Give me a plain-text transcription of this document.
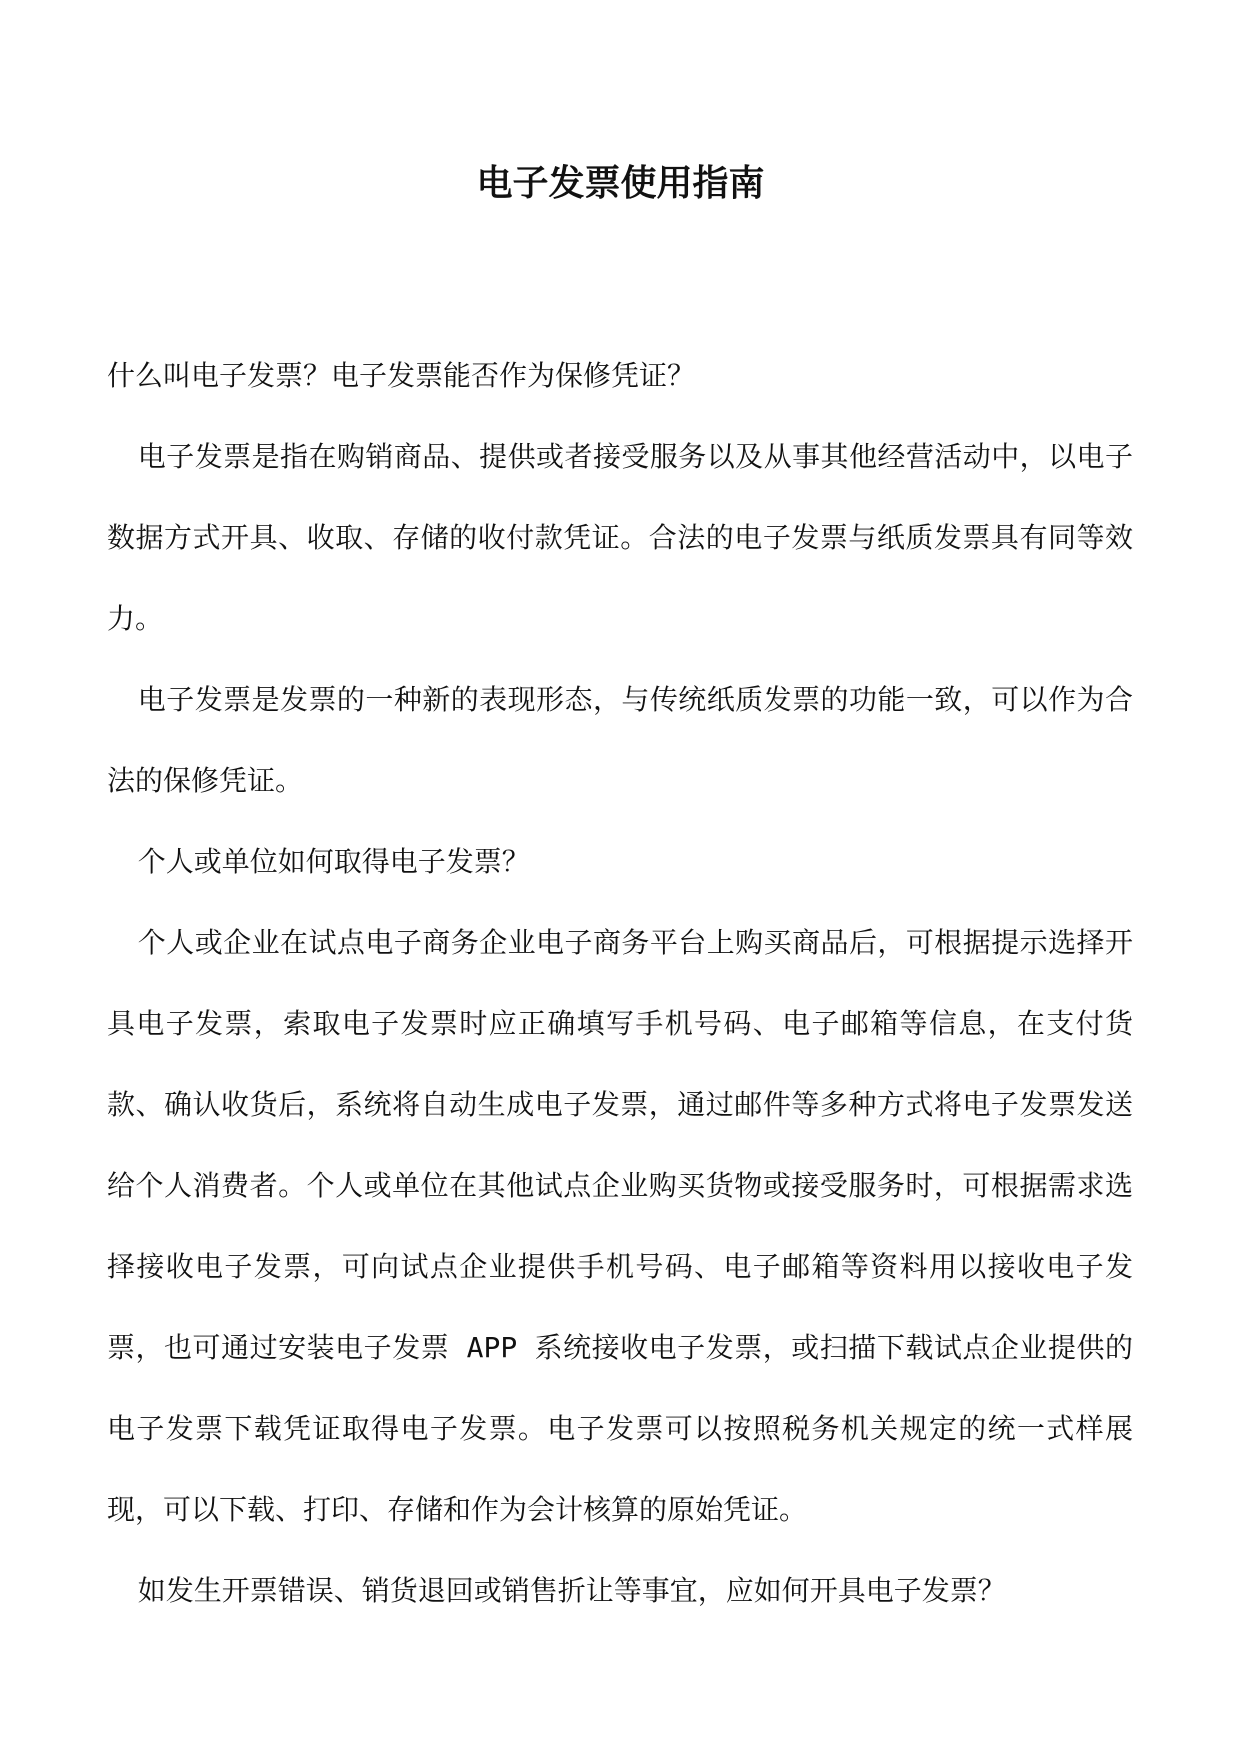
电子发票使用指南

什么叫电子发票？电子发票能否作为保修凭证？

电子发票是指在购销商品、提供或者接受服务以及从事其他经营活动中，以电子数据方式开具、收取、存储的收付款凭证。合法的电子发票与纸质发票具有同等效力。

电子发票是发票的一种新的表现形态，与传统纸质发票的功能一致，可以作为合法的保修凭证。

个人或单位如何取得电子发票？

个人或企业在试点电子商务企业电子商务平台上购买商品后，可根据提示选择开具电子发票，索取电子发票时应正确填写手机号码、电子邮箱等信息，在支付货款、确认收货后，系统将自动生成电子发票，通过邮件等多种方式将电子发票发送给个人消费者。个人或单位在其他试点企业购买货物或接受服务时，可根据需求选择接收电子发票，可向试点企业提供手机号码、电子邮箱等资料用以接收电子发票，也可通过安装电子发票 APP 系统接收电子发票，或扫描下载试点企业提供的电子发票下载凭证取得电子发票。电子发票可以按照税务机关规定的统一式样展现，可以下载、打印、存储和作为会计核算的原始凭证。

如发生开票错误、销货退回或销售折让等事宜，应如何开具电子发票？
